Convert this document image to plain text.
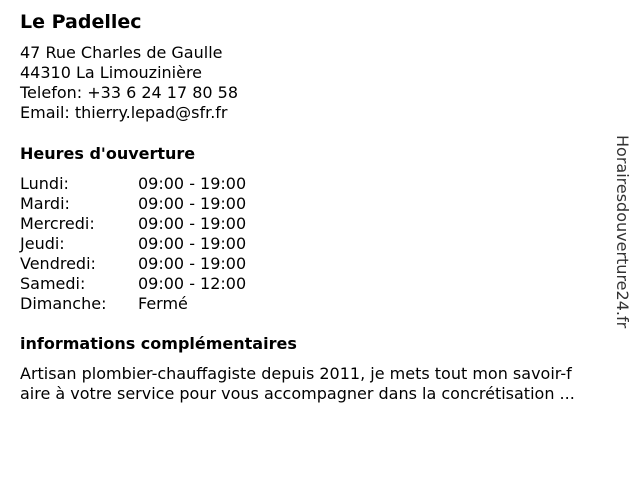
Le Padellec
47 Rue Charles de Gaulle
44310 La Limouzinière
Telefon: +33 6 24 17 80 58
Email: thierry.lepad@sfr.fr
Heures d'ouverture
Lundi:	09:00 - 19:00
Mardi:	09:00 - 19:00
Mercredi:	09:00 - 19:00
Jeudi:	09:00 - 19:00
Vendredi:	09:00 - 19:00
Samedi:	09:00 - 12:00
Dimanche: Fermé
informations complémentaires
Artisan plombier-chauffagiste depuis 2011, je mets tout mon savoir-f
aire à votre service pour vous accompagner dans la concrétisation ...
Horairesdouverture24.fr
